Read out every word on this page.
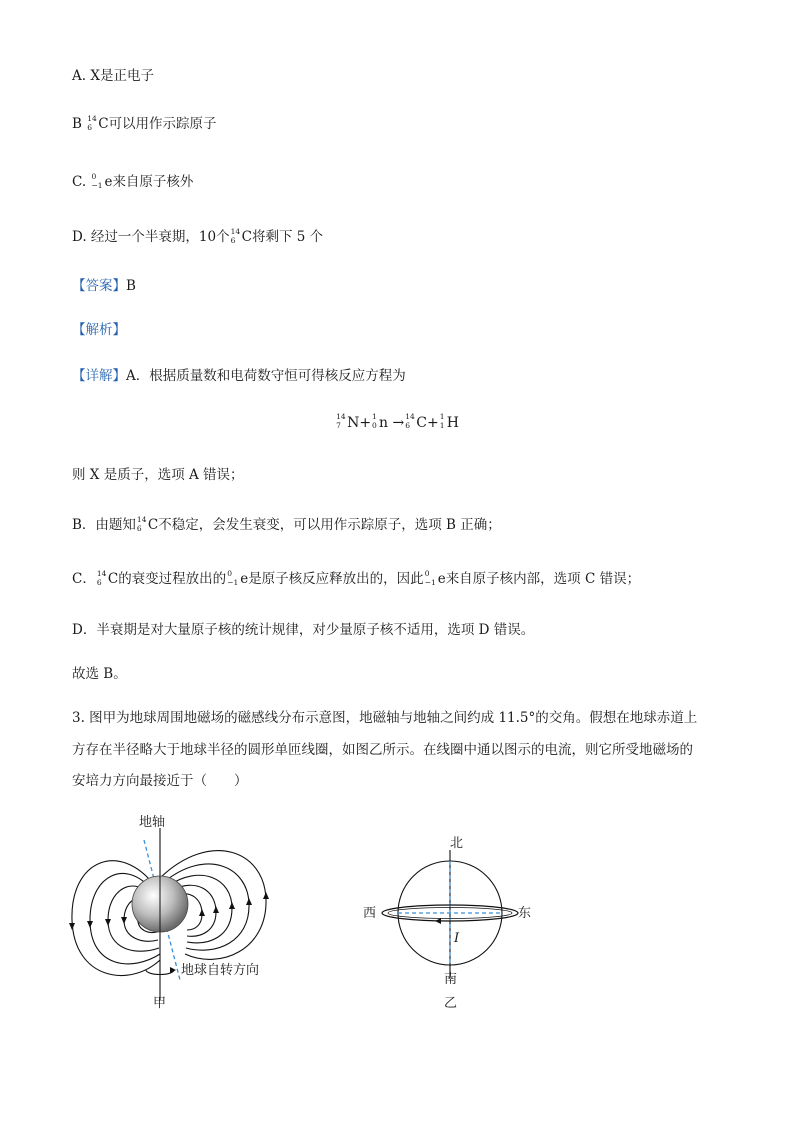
A. X是正电子
B 14
6 C可以用作示踪原子
C. 0
−1 e来自原子核外
D. 经过一个半衰期，10个 14
6 C将剩下 5 个
【答案】B
【解析】
【详解】A．根据质量数和电荷数守恒可得核反应方程为
14
7 N+ 1
0 n → 14
6 C+ 1
1 H
则 X 是质子，选项 A 错误；
B．由题知 14
6 C不稳定，会发生衰变，可以用作示踪原子，选项 B 正确；
C． 14
6 C的衰变过程放出的 0
−1 e是原子核反应释放出的，因此 0
−1 e来自原子核内部，选项 C 错误；
D．半衰期是对大量原子核的统计规律，对少量原子核不适用，选项 D 错误。
故选 B。
3. 图甲为地球周围地磁场的磁感线分布示意图，地磁轴与地轴之间约成 11.5°的交角。假想在地球赤道上
方存在半径略大于地球半径的圆形单匝线圈，如图乙所示。在线圈中通以图示的电流，则它所受地磁场的
安培力方向最接近于（　　）
地轴
地球自转方向
甲
北
西	东
I
南
乙
